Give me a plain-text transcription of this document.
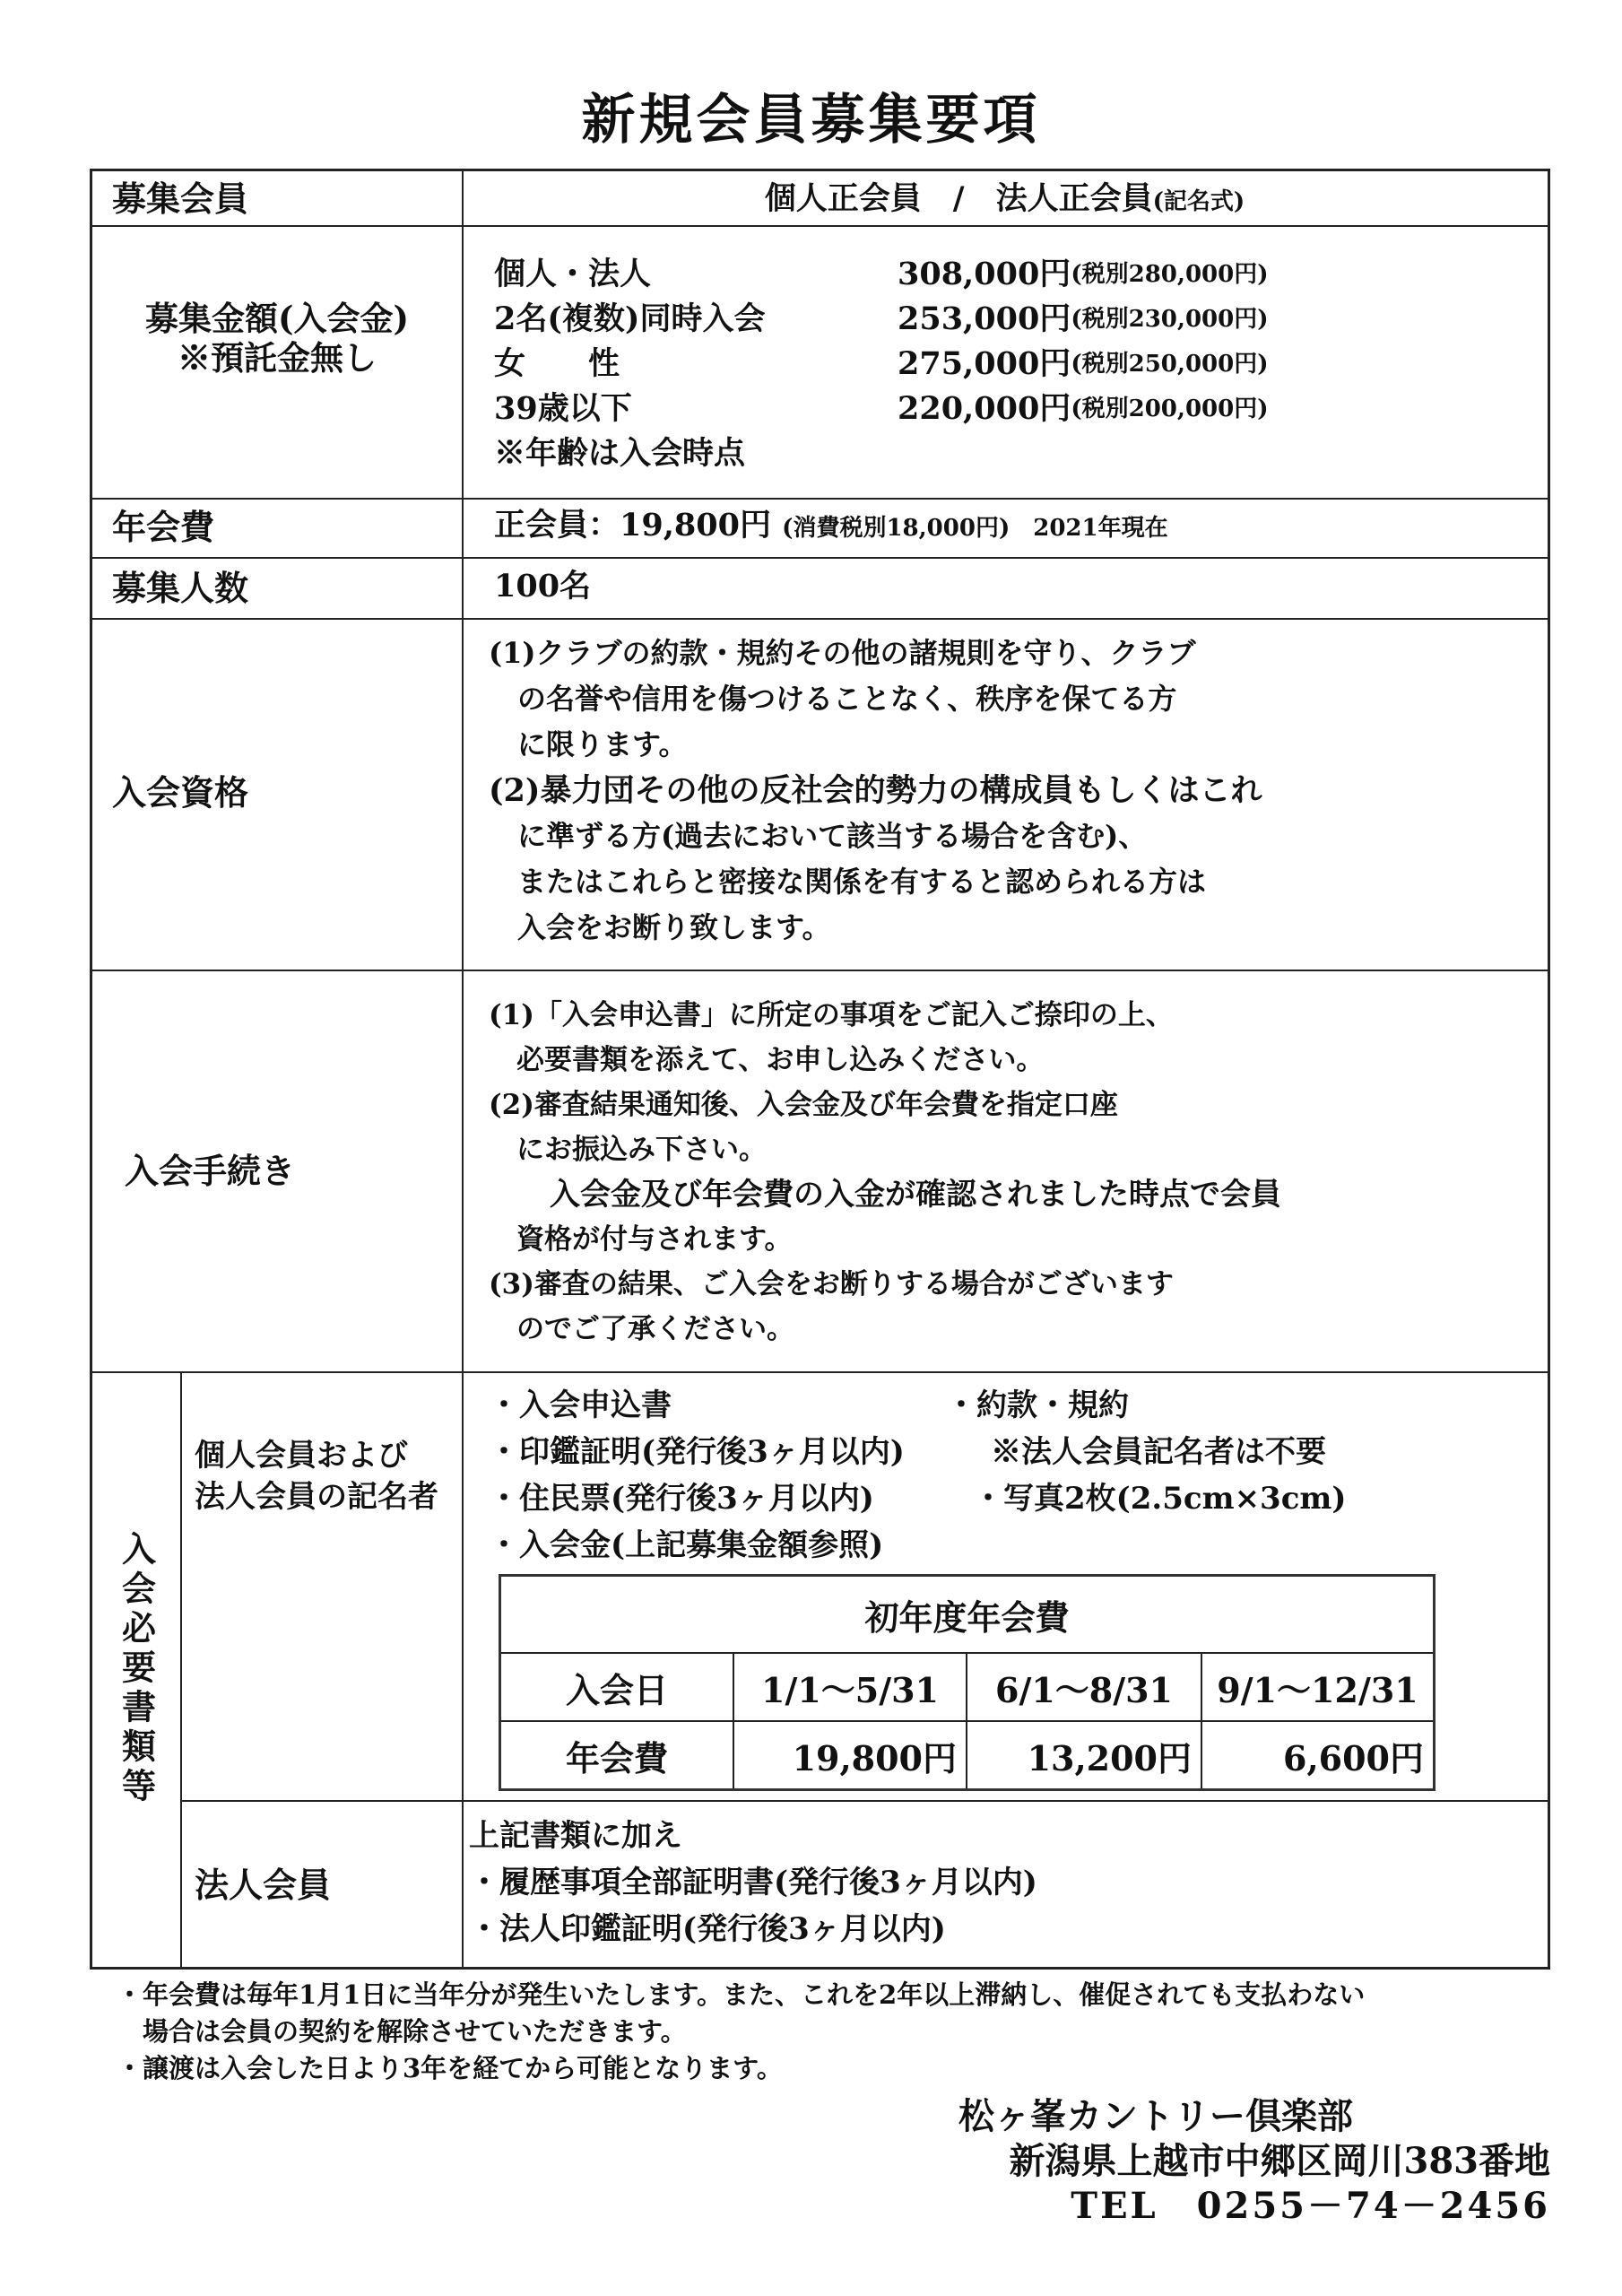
新規会員募集要項
募集会員	個人正会員　/　法人正会員(記名式)
募集金額(入会金)
※預託金無し
個人・法人	308,000円 (税別280,000円)
2名(複数)同時入会	253,000円 (税別230,000円)
女　　性	275,000円 (税別250,000円)
39歳以下	220,000円 (税別200,000円)
※年齢は入会時点
年会費	正会員：19,800円 (消費税別18,000円)　2021年現在
募集人数	100名
入会資格
(1)クラブの約款・規約その他の諸規則を守り、クラブ
　の名誉や信用を傷つけることなく、秩序を保てる方
　に限ります。
(2)暴力団その他の反社会的勢力の構成員もしくはこれ
　に準ずる方(過去において該当する場合を含む)、
　またはこれらと密接な関係を有すると認められる方は
　入会をお断り致します。
入会手続き
(1)「入会申込書」に所定の事項をご記入ご捺印の上、
　必要書類を添えて、お申し込みください。
(2)審査結果通知後、入会金及び年会費を指定口座
　にお振込み下さい。
　　入会金及び年会費の入金が確認されました時点で会員
　資格が付与されます。
(3)審査の結果、ご入会をお断りする場合がございます
　のでご了承ください。
入会必要書類等
個人会員および
法人会員の記名者
・入会申込書	・約款・規約
・印鑑証明(発行後3ヶ月以内)	※法人会員記名者は不要
・住民票(発行後3ヶ月以内)	・写真2枚(2.5cm×3cm)
・入会金(上記募集金額参照)
法人会員
上記書類に加え
・履歴事項全部証明書(発行後3ヶ月以内)
・法人印鑑証明(発行後3ヶ月以内)
初年度年会費
入会日	1/1～5/31	6/1～8/31	9/1～12/31
年会費	19,800円	13,200円	6,600円
・年会費は毎年1月1日に当年分が発生いたします。また、これを2年以上滞納し、催促されても支払わない
　場合は会員の契約を解除させていただきます。
・譲渡は入会した日より3年を経てから可能となります。
松ヶ峯カントリー倶楽部
新潟県上越市中郷区岡川383番地
TEL　0255－74－2456
